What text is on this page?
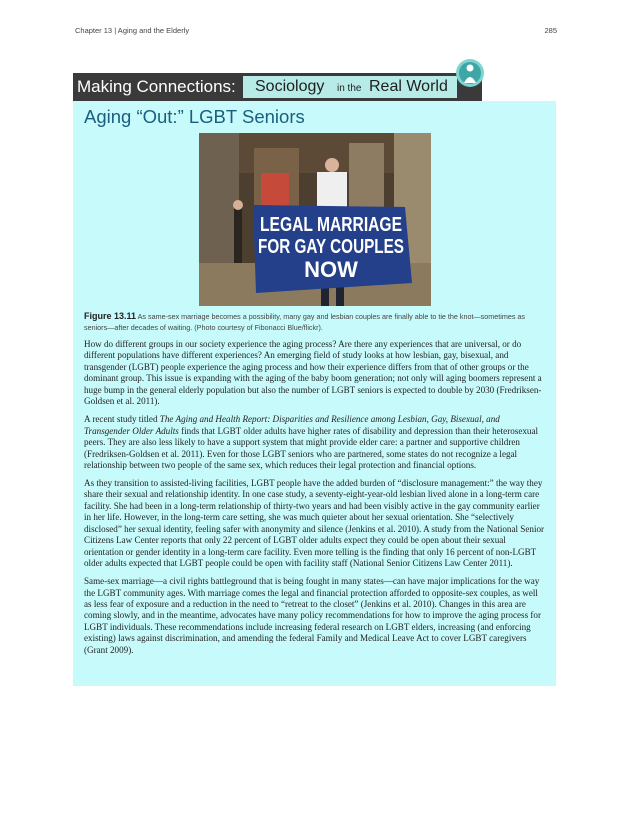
Chapter 13 | Aging and the Elderly	285
Making Connections: Sociology in the Real World
Aging “Out:” LGBT Seniors
LEGAL MARRIAGE
FOR GAY COUPLES
NOW
Figure 13.11 As same-sex marriage becomes a possibility, many gay and lesbian couples are finally able to tie the knot—sometimes as seniors—after decades of waiting. (Photo courtesy of Fibonacci Blue/flickr).

How do different groups in our society experience the aging process? Are there any experiences that are universal, or do different populations have different experiences? An emerging field of study looks at how lesbian, gay, bisexual, and transgender (LGBT) people experience the aging process and how their experience differs from that of other groups or the dominant group. This issue is expanding with the aging of the baby boom generation; not only will aging boomers represent a huge bump in the general elderly population but also the number of LGBT seniors is expected to double by 2030 (Fredriksen-Goldsen et al. 2011).

A recent study titled The Aging and Health Report: Disparities and Resilience among Lesbian, Gay, Bisexual, and Transgender Older Adults finds that LGBT older adults have higher rates of disability and depression than their heterosexual peers. They are also less likely to have a support system that might provide elder care: a partner and supportive children (Fredriksen-Goldsen et al. 2011). Even for those LGBT seniors who are partnered, some states do not recognize a legal relationship between two people of the same sex, which reduces their legal protection and financial options.

As they transition to assisted-living facilities, LGBT people have the added burden of “disclosure management:” the way they share their sexual and relationship identity. In one case study, a seventy-eight-year-old lesbian lived alone in a long-term care facility. She had been in a long-term relationship of thirty-two years and had been visibly active in the gay community earlier in her life. However, in the long-term care setting, she was much quieter about her sexual orientation. She “selectively disclosed” her sexual identity, feeling safer with anonymity and silence (Jenkins et al. 2010). A study from the National Senior Citizens Law Center reports that only 22 percent of LGBT older adults expect they could be open about their sexual orientation or gender identity in a long-term care facility. Even more telling is the finding that only 16 percent of non-LGBT older adults expected that LGBT people could be open with facility staff (National Senior Citizens Law Center 2011).

Same-sex marriage—a civil rights battleground that is being fought in many states—can have major implications for the way the LGBT community ages. With marriage comes the legal and financial protection afforded to opposite-sex couples, as well as less fear of exposure and a reduction in the need to “retreat to the closet” (Jenkins et al. 2010). Changes in this area are coming slowly, and in the meantime, advocates have many policy recommendations for how to improve the aging process for LGBT individuals. These recommendations include increasing federal research on LGBT elders, increasing (and enforcing existing) laws against discrimination, and amending the federal Family and Medical Leave Act to cover LGBT caregivers (Grant 2009).
